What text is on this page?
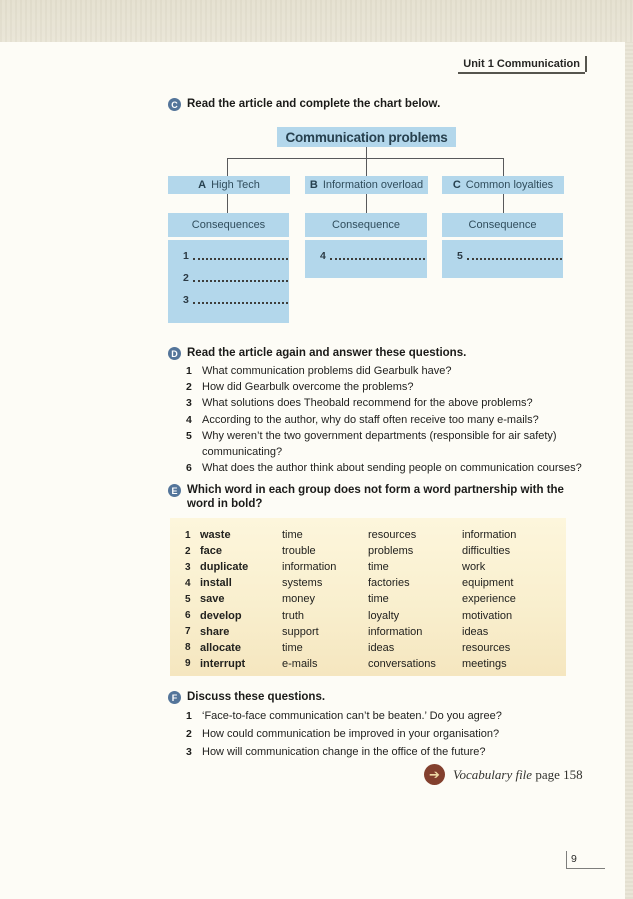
Unit 1 Communication
C Read the article and complete the chart below.
Communication problems
A High Tech	B Information overload	C Common loyalties
Consequences
1
2
3
Consequence
4
Consequence
5
D Read the article again and answer these questions.
1 What communication problems did Gearbulk have?
2 How did Gearbulk overcome the problems?
3 What solutions does Theobald recommend for the above problems?
4 According to the author, why do staff often receive too many e-mails?
5 Why weren’t the two government departments (responsible for air safety) communicating?
6 What does the author think about sending people on communication courses?
E Which word in each group does not form a word partnership with the word in bold?
1 waste	time	resources	information
2 face	trouble	problems	difficulties
3 duplicate	information	time	work
4 install	systems	factories	equipment
5 save	money	time	experience
6 develop	truth	loyalty	motivation
7 share	support	information	ideas
8 allocate	time	ideas	resources
9 interrupt	e-mails	conversations	meetings
F Discuss these questions.
1 ‘Face-to-face communication can’t be beaten.’ Do you agree?
2 How could communication be improved in your organisation?
3 How will communication change in the office of the future?
➔	Vocabulary file page 158
9
